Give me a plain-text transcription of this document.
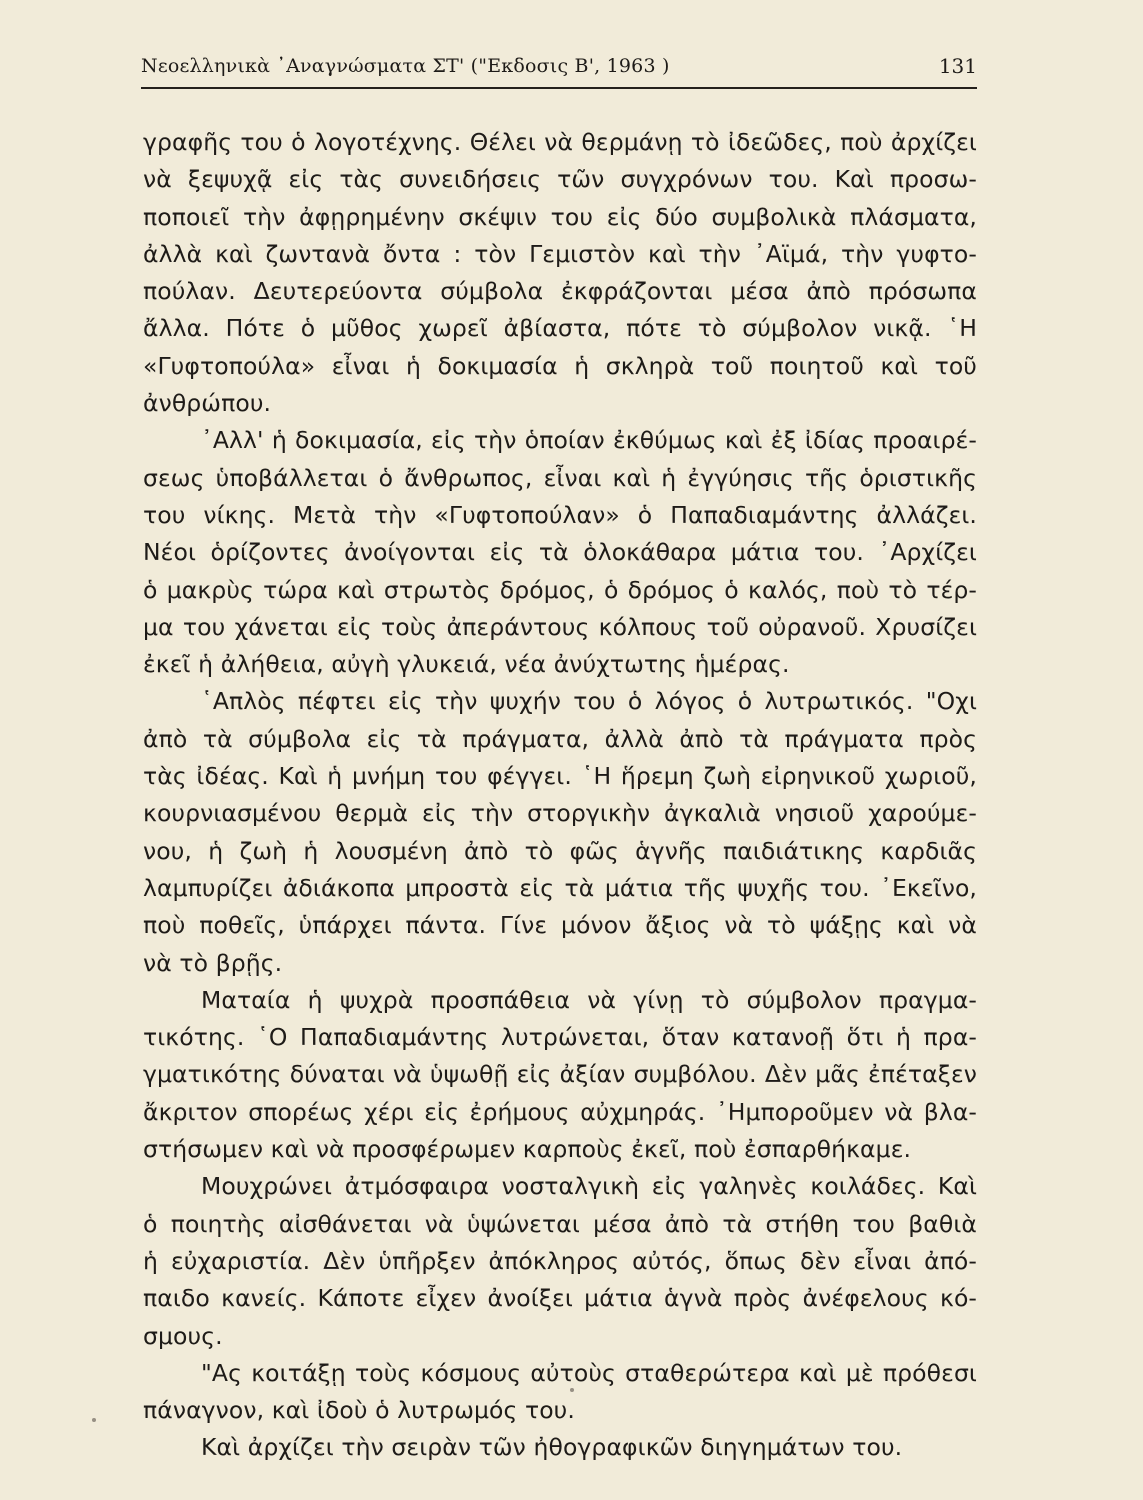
Νεοελληνικὰ ᾿Αναγνώσματα ΣΤ' ("Εκδοσις Β', 1963 )	131

γραφῆς του ὁ λογοτέχνης. Θέλει νὰ θερμάνῃ τὸ ἰδεῶδες, ποὺ ἀρχίζει
νὰ ξεψυχᾷ εἰς τὰς συνειδήσεις τῶν συγχρόνων του. Καὶ προσω-
ποποιεῖ τὴν ἀφῃρημένην σκέψιν του εἰς δύο συμβολικὰ πλάσματα,
ἀλλὰ καὶ ζωντανὰ ὄντα : τὸν Γεμιστὸν καὶ τὴν ᾿Αϊμά, τὴν γυφτο-
πούλαν. Δευτερεύοντα σύμβολα ἐκφράζονται μέσα ἀπὸ πρόσωπα
ἄλλα. Πότε ὁ μῦθος χωρεῖ ἀβίαστα, πότε τὸ σύμβολον νικᾷ. ῾Η
«Γυφτοπούλα» εἶναι ἡ δοκιμασία ἡ σκληρὰ τοῦ ποιητοῦ καὶ τοῦ
ἀνθρώπου.

᾿Αλλ' ἡ δοκιμασία, εἰς τὴν ὁποίαν ἐκθύμως καὶ ἐξ ἰδίας προαιρέ-
σεως ὑποβάλλεται ὁ ἄνθρωπος, εἶναι καὶ ἡ ἐγγύησις τῆς ὁριστικῆς
του νίκης. Μετὰ τὴν «Γυφτοπούλαν» ὁ Παπαδιαμάντης ἀλλάζει.
Νέοι ὁρίζοντες ἀνοίγονται εἰς τὰ ὁλοκάθαρα μάτια του. ᾿Αρχίζει
ὁ μακρὺς τώρα καὶ στρωτὸς δρόμος, ὁ δρόμος ὁ καλός, ποὺ τὸ τέρ-
μα του χάνεται εἰς τοὺς ἀπεράντους κόλπους τοῦ οὐρανοῦ. Χρυσίζει
ἐκεῖ ἡ ἀλήθεια, αὐγὴ γλυκειά, νέα ἀνύχτωτης ἡμέρας.

῾Απλὸς πέφτει εἰς τὴν ψυχήν του ὁ λόγος ὁ λυτρωτικός. "Οχι
ἀπὸ τὰ σύμβολα εἰς τὰ πράγματα, ἀλλὰ ἀπὸ τὰ πράγματα πρὸς
τὰς ἰδέας. Καὶ ἡ μνήμη του φέγγει. ῾Η ἥρεμη ζωὴ εἰρηνικοῦ χωριοῦ,
κουρνιασμένου θερμὰ εἰς τὴν στοργικὴν ἀγκαλιὰ νησιοῦ χαρούμε-
νου, ἡ ζωὴ ἡ λουσμένη ἀπὸ τὸ φῶς ἁγνῆς παιδιάτικης καρδιᾶς
λαμπυρίζει ἀδιάκοπα μπροστὰ εἰς τὰ μάτια τῆς ψυχῆς του. ᾿Εκεῖνο,
ποὺ ποθεῖς, ὑπάρχει πάντα. Γίνε μόνον ἄξιος νὰ τὸ ψάξῃς καὶ νὰ
νὰ τὸ βρῇς.

Ματαία ἡ ψυχρὰ προσπάθεια νὰ γίνῃ τὸ σύμβολον πραγμα-
τικότης. ῾Ο Παπαδιαμάντης λυτρώνεται, ὅταν κατανοῇ ὅτι ἡ πρα-
γματικότης δύναται νὰ ὑψωθῇ εἰς ἀξίαν συμβόλου. Δὲν μᾶς ἐπέταξεν
ἄκριτον σπορέως χέρι εἰς ἐρήμους αὐχμηράς. ᾿Ημποροῦμεν νὰ βλα-
στήσωμεν καὶ νὰ προσφέρωμεν καρποὺς ἐκεῖ, ποὺ ἐσπαρθήκαμε.

Μουχρώνει ἀτμόσφαιρα νοσταλγικὴ εἰς γαληνὲς κοιλάδες. Καὶ
ὁ ποιητὴς αἰσθάνεται νὰ ὑψώνεται μέσα ἀπὸ τὰ στήθη του βαθιὰ
ἡ εὐχαριστία. Δὲν ὑπῆρξεν ἀπόκληρος αὐτός, ὅπως δὲν εἶναι ἀπό-
παιδο κανείς. Κάποτε εἶχεν ἀνοίξει μάτια ἁγνὰ πρὸς ἀνέφελους κό-
σμους.

"Ας κοιτάξῃ τοὺς κόσμους αὐτοὺς σταθερώτερα καὶ μὲ πρόθεσι
πάναγνον, καὶ ἰδοὺ ὁ λυτρωμός του.

Καὶ ἀρχίζει τὴν σειρὰν τῶν ἠθογραφικῶν διηγημάτων του.
